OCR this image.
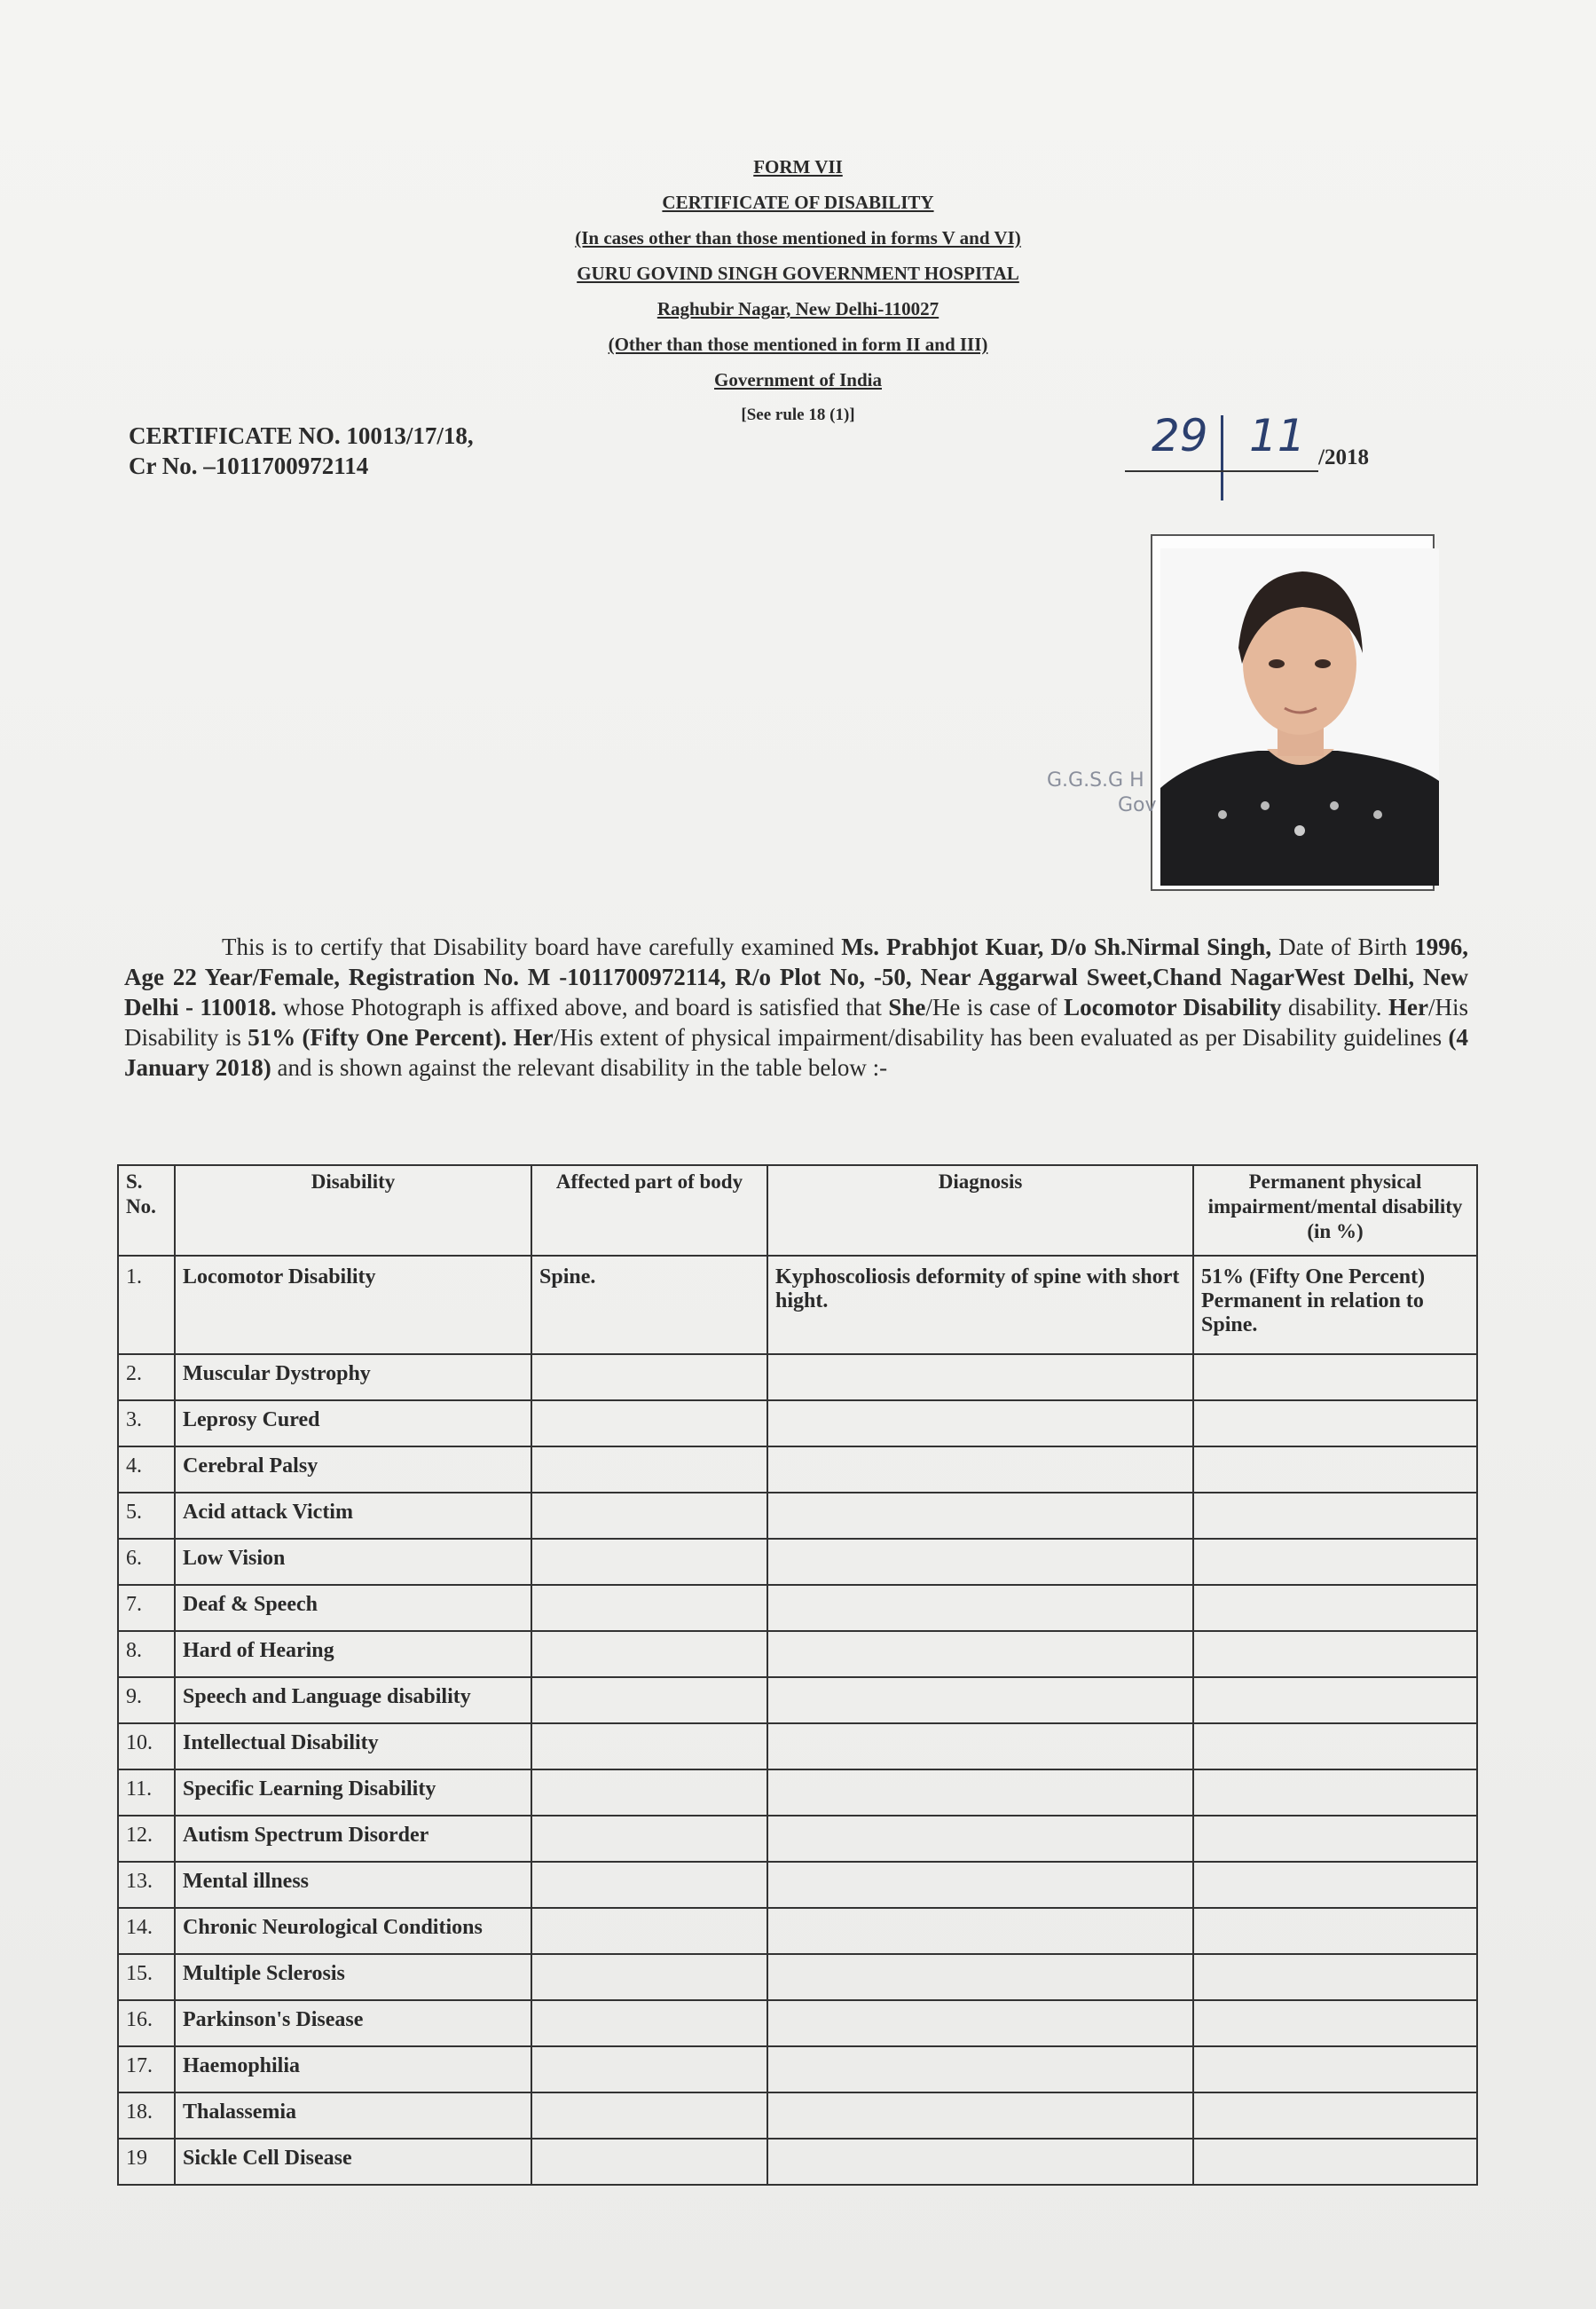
FORM VII
CERTIFICATE OF DISABILITY
(In cases other than those mentioned in forms V and VI)
GURU GOVIND SINGH GOVERNMENT HOSPITAL
Raghubir Nagar, New Delhi-110027
(Other than those mentioned in form II and III)
Government of India
[See rule 18 (1)]
CERTIFICATE NO. 10013/17/18,
Cr No. –1011700972114
29 11 /2018
G.G.S.G H
Gov
This is to certify that Disability board have carefully examined Ms. Prabhjot Kuar, D/o Sh.Nirmal Singh, Date of Birth 1996, Age 22 Year/Female, Registration No. M -1011700972114, R/o Plot No, -50, Near Aggarwal Sweet,Chand NagarWest Delhi, New Delhi - 110018. whose Photograph is affixed above, and board is satisfied that She/He is case of Locomotor Disability disability. Her/His Disability is 51% (Fifty One Percent). Her/His extent of physical impairment/disability has been evaluated as per Disability guidelines (4 January 2018) and is shown against the relevant disability in the table below :-
S. No.	Disability	Affected part of body	Diagnosis	Permanent physical impairment/mental disability (in %)
1.	Locomotor Disability	Spine.	Kyphoscoliosis deformity of spine with short hight.	51% (Fifty One Percent) Permanent in relation to Spine.
2.	Muscular Dystrophy			
3.	Leprosy Cured			
4.	Cerebral Palsy			
5.	Acid attack Victim			
6.	Low Vision			
7.	Deaf & Speech			
8.	Hard of Hearing			
9.	Speech and Language disability			
10.	Intellectual Disability			
11.	Specific Learning Disability			
12.	Autism Spectrum Disorder			
13.	Mental illness			
14.	Chronic Neurological Conditions			
15.	Multiple Sclerosis			
16.	Parkinson's Disease			
17.	Haemophilia			
18.	Thalassemia			
19	Sickle Cell Disease			
